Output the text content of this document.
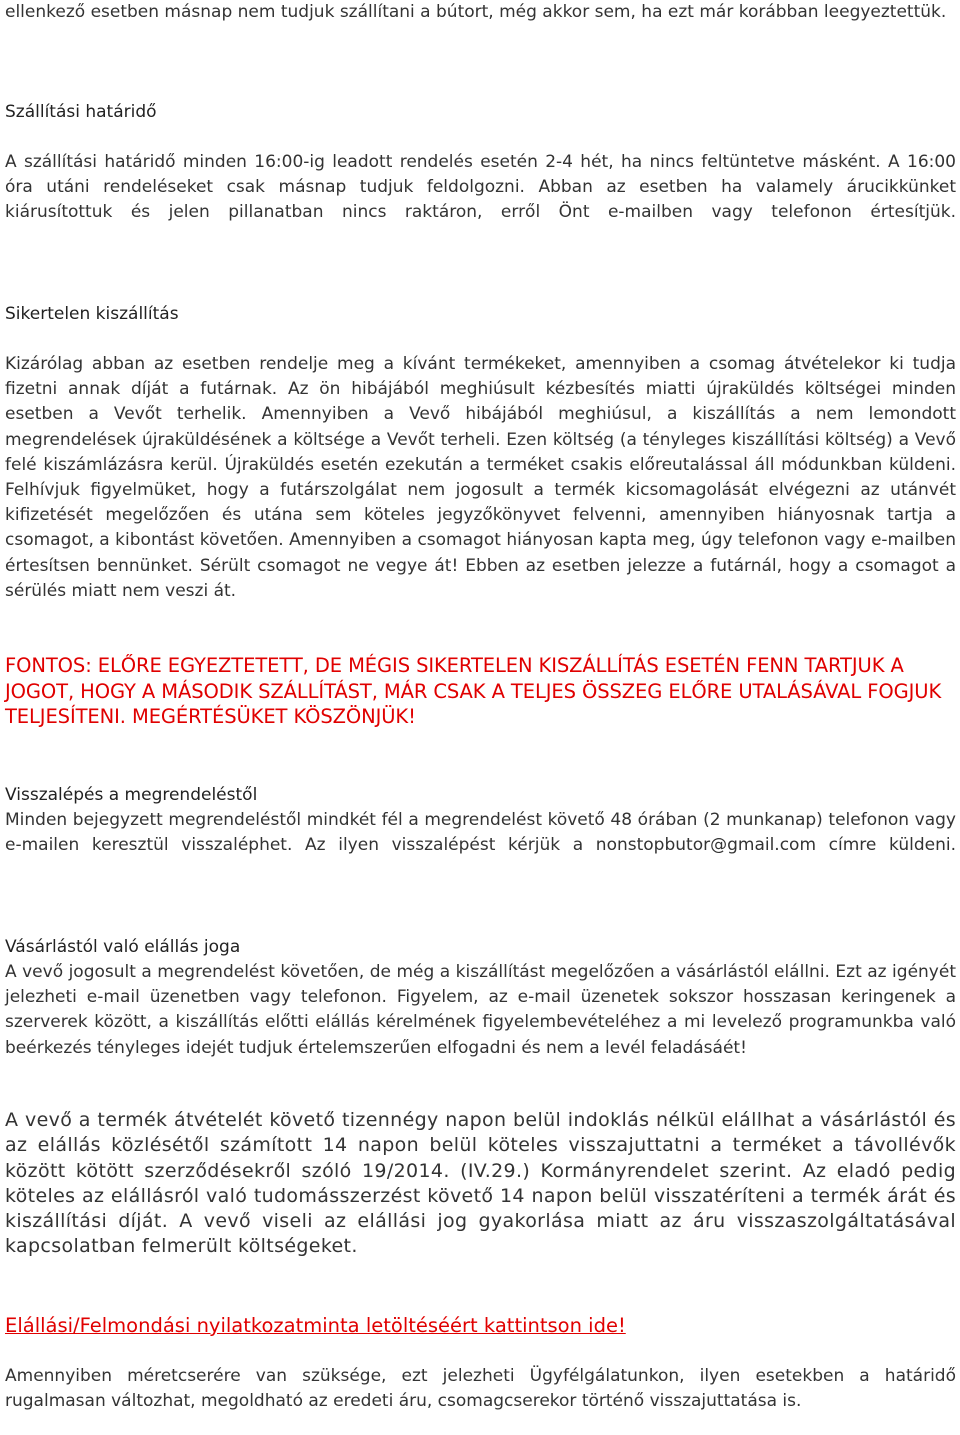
ellenkező esetben másnap nem tudjuk szállítani a bútort, még akkor sem, ha ezt már korábban leegyeztettük.

Szállítási határidő

A szállítási határidő minden 16:00-ig leadott rendelés esetén 2-4 hét, ha nincs feltüntetve másként. A 16:00 óra utáni rendeléseket csak másnap tudjuk feldolgozni. Abban az esetben ha valamely árucikkünket kiárusítottuk és jelen pillanatban nincs raktáron, erről Önt e-mailben vagy telefonon értesítjük.

Sikertelen kiszállítás

Kizárólag abban az esetben rendelje meg a kívánt termékeket, amennyiben a csomag átvételekor ki tudja fizetni annak díját a futárnak. Az ön hibájából meghiúsult kézbesítés miatti újraküldés költségei minden esetben a Vevőt terhelik. Amennyiben a Vevő hibájából meghiúsul, a kiszállítás a nem lemondott megrendelések újraküldésének a költsége a Vevőt terheli. Ezen költség (a tényleges kiszállítási költség) a Vevő felé kiszámlázásra kerül. Újraküldés esetén ezekután a terméket csakis előreutalással áll módunkban küldeni. Felhívjuk figyelmüket, hogy a futárszolgálat nem jogosult a termék kicsomagolását elvégezni az utánvét kifizetését megelőzően és utána sem köteles jegyzőkönyvet felvenni, amennyiben hiányosnak tartja a csomagot, a kibontást követően. Amennyiben a csomagot hiányosan kapta meg, úgy telefonon vagy e-mailben értesítsen bennünket. Sérült csomagot ne vegye át! Ebben az esetben jelezze a futárnál, hogy a csomagot a sérülés miatt nem veszi át.

FONTOS: ELŐRE EGYEZTETETT, DE MÉGIS SIKERTELEN KISZÁLLÍTÁS ESETÉN FENN TARTJUK A JOGOT, HOGY A MÁSODIK SZÁLLÍTÁST, MÁR CSAK A TELJES ÖSSZEG ELŐRE UTALÁSÁVAL FOGJUK TELJESÍTENI. MEGÉRTÉSÜKET KÖSZÖNJÜK!
Visszalépés a megrendeléstől

Minden bejegyzett megrendeléstől mindkét fél a megrendelést követő 48 órában (2 munkanap) telefonon vagy e-mailen keresztül visszaléphet. Az ilyen visszalépést kérjük a nonstopbutor@gmail.com címre küldeni.

Vásárlástól való elállás joga

A vevő jogosult a megrendelést követően, de még a kiszállítást megelőzően a vásárlástól elállni. Ezt az igényét jelezheti e-mail üzenetben vagy telefonon. Figyelem, az e-mail üzenetek sokszor hosszasan keringenek a szerverek között, a kiszállítás előtti elállás kérelmének figyelembevételéhez a mi levelező programunkba való beérkezés tényleges idejét tudjuk értelemszerűen elfogadni és nem a levél feladásáét!

A vevő a termék átvételét követő tizennégy napon belül indoklás nélkül elállhat a vásárlástól és az elállás közlésétől számított 14 napon belül köteles visszajuttatni a terméket a távollévők között kötött szerződésekről szóló 19/2014. (IV.29.) Kormányrendelet szerint. Az eladó pedig köteles az elállásról való tudomásszerzést követő 14 napon belül visszatéríteni a termék árát és kiszállítási díját. A vevő viseli az elállási jog gyakorlása miatt az áru visszaszolgáltatásával kapcsolatban felmerült költségeket.

Elállási/Felmondási nyilatkozatminta letöltéséért kattintson ide!

Amennyiben méretcserére van szüksége, ezt jelezheti Ügyfélgálatunkon, ilyen esetekben a határidő rugalmasan változhat, megoldható az eredeti áru, csomagcserekor történő visszajuttatása is.
